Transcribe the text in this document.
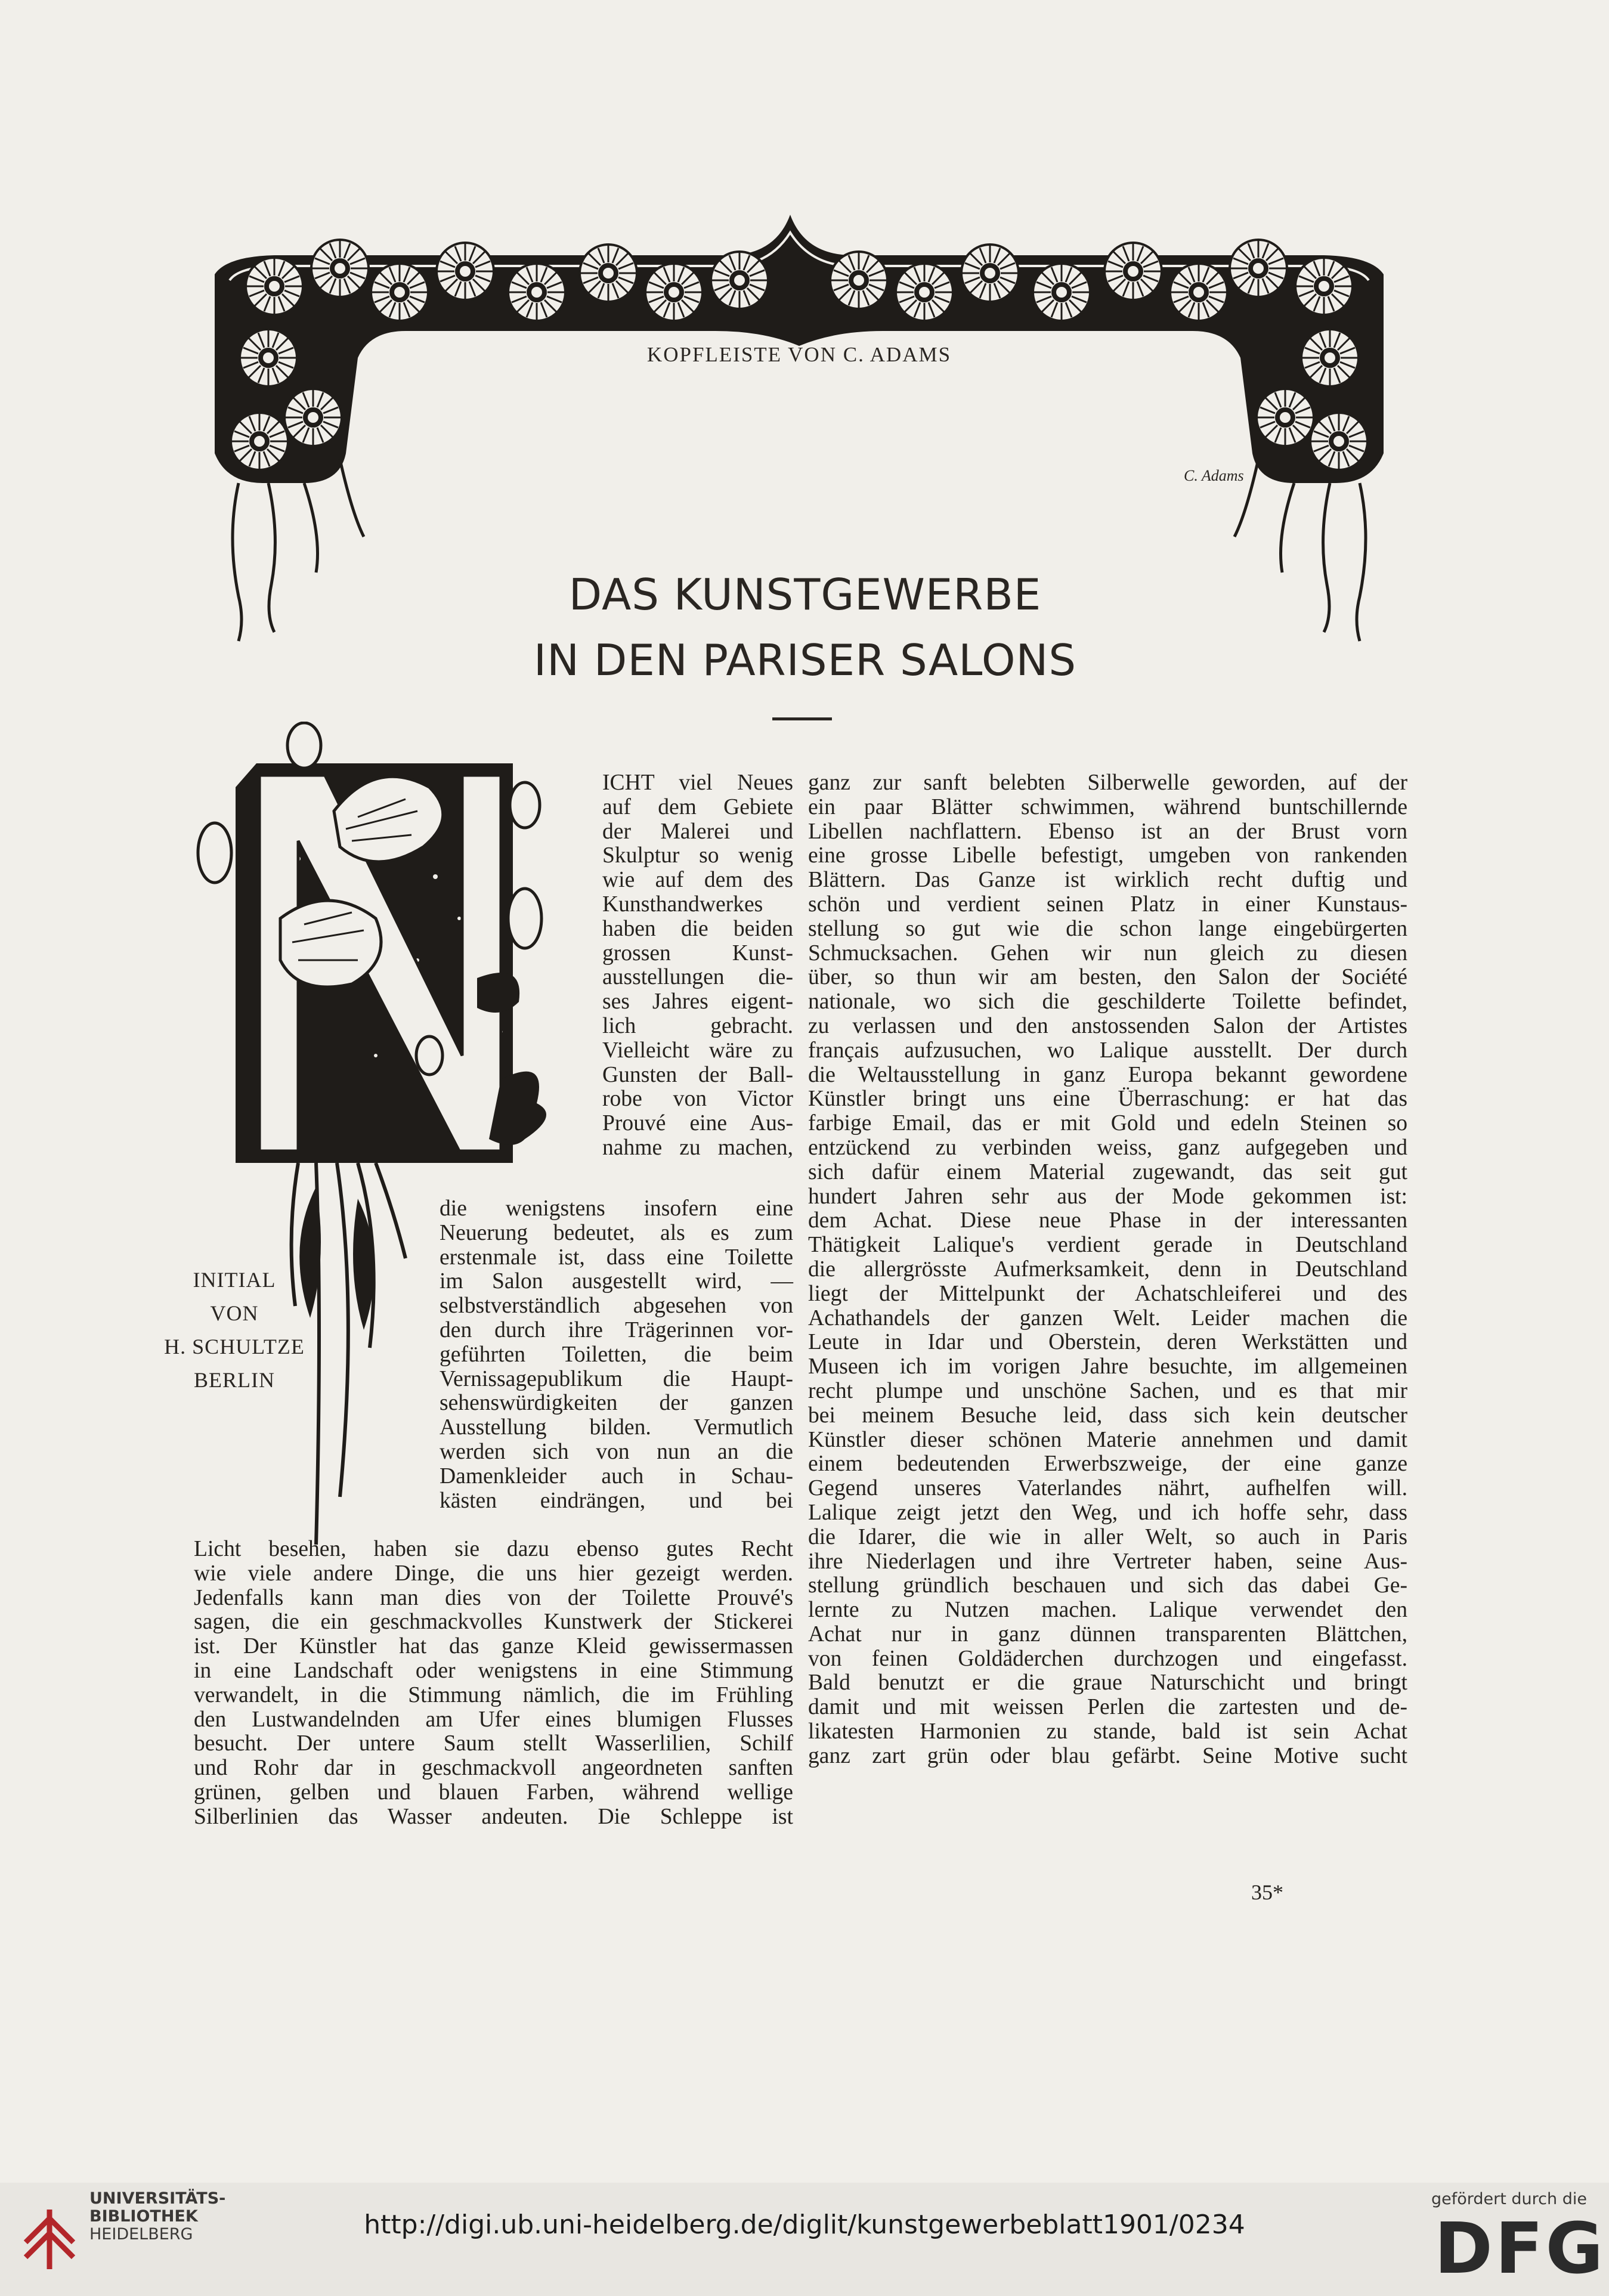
KOPFLEISTE VON C. ADAMS
C. Adams
DAS KUNSTGEWERBE
IN DEN PARISER SALONS
INITIAL
VON
H. SCHULTZE
BERLIN
ICHT viel Neues
auf dem Gebiete
der Malerei und
Skulptur so wenig
wie auf dem des
Kunsthandwerkes
haben die beiden
grossen Kunst-
ausstellungen die-
ses Jahres eigent-
lich gebracht.
Vielleicht wäre zu
Gunsten der Ball-
robe von Victor
Prouvé eine Aus-
nahme zu machen,
die wenigstens insofern eine
Neuerung bedeutet, als es zum
erstenmale ist, dass eine Toilette
im Salon ausgestellt wird, —
selbstverständlich abgesehen von
den durch ihre Trägerinnen vor-
geführten Toiletten, die beim
Vernissagepublikum die Haupt-
sehenswürdigkeiten der ganzen
Ausstellung bilden. Vermutlich
werden sich von nun an die
Damenkleider auch in Schau-
kästen eindrängen, und bei
Licht besehen, haben sie dazu ebenso gutes Recht
wie viele andere Dinge, die uns hier gezeigt werden.
Jedenfalls kann man dies von der Toilette Prouvé's
sagen, die ein geschmackvolles Kunstwerk der Stickerei
ist. Der Künstler hat das ganze Kleid gewissermassen
in eine Landschaft oder wenigstens in eine Stimmung
verwandelt, in die Stimmung nämlich, die im Frühling
den Lustwandelnden am Ufer eines blumigen Flusses
besucht. Der untere Saum stellt Wasserlilien, Schilf
und Rohr dar in geschmackvoll angeordneten sanften
grünen, gelben und blauen Farben, während wellige
Silberlinien das Wasser andeuten. Die Schleppe ist
ganz zur sanft belebten Silberwelle geworden, auf der
ein paar Blätter schwimmen, während buntschillernde
Libellen nachflattern. Ebenso ist an der Brust vorn
eine grosse Libelle befestigt, umgeben von rankenden
Blättern. Das Ganze ist wirklich recht duftig und
schön und verdient seinen Platz in einer Kunstaus-
stellung so gut wie die schon lange eingebürgerten
Schmucksachen. Gehen wir nun gleich zu diesen
über, so thun wir am besten, den Salon der Société
nationale, wo sich die geschilderte Toilette befindet,
zu verlassen und den anstossenden Salon der Artistes
français aufzusuchen, wo Lalique ausstellt. Der durch
die Weltausstellung in ganz Europa bekannt gewordene
Künstler bringt uns eine Überraschung: er hat das
farbige Email, das er mit Gold und edeln Steinen so
entzückend zu verbinden weiss, ganz aufgegeben und
sich dafür einem Material zugewandt, das seit gut
hundert Jahren sehr aus der Mode gekommen ist:
dem Achat. Diese neue Phase in der interessanten
Thätigkeit Lalique's verdient gerade in Deutschland
die allergrösste Aufmerksamkeit, denn in Deutschland
liegt der Mittelpunkt der Achatschleiferei und des
Achathandels der ganzen Welt. Leider machen die
Leute in Idar und Oberstein, deren Werkstätten und
Museen ich im vorigen Jahre besuchte, im allgemeinen
recht plumpe und unschöne Sachen, und es that mir
bei meinem Besuche leid, dass sich kein deutscher
Künstler dieser schönen Materie annehmen und damit
einem bedeutenden Erwerbszweige, der eine ganze
Gegend unseres Vaterlandes nährt, aufhelfen will.
Lalique zeigt jetzt den Weg, und ich hoffe sehr, dass
die Idarer, die wie in aller Welt, so auch in Paris
ihre Niederlagen und ihre Vertreter haben, seine Aus-
stellung gründlich beschauen und sich das dabei Ge-
lernte zu Nutzen machen. Lalique verwendet den
Achat nur in ganz dünnen transparenten Blättchen,
von feinen Goldäderchen durchzogen und eingefasst.
Bald benutzt er die graue Naturschicht und bringt
damit und mit weissen Perlen die zartesten und de-
likatesten Harmonien zu stande, bald ist sein Achat
ganz zart grün oder blau gefärbt. Seine Motive sucht
35*
UNIVERSITÄTS-
BIBLIOTHEK
HEIDELBERG	http://digi.ub.uni-heidelberg.de/diglit/kunstgewerbeblatt1901/0234
gefördert durch die
DFG
